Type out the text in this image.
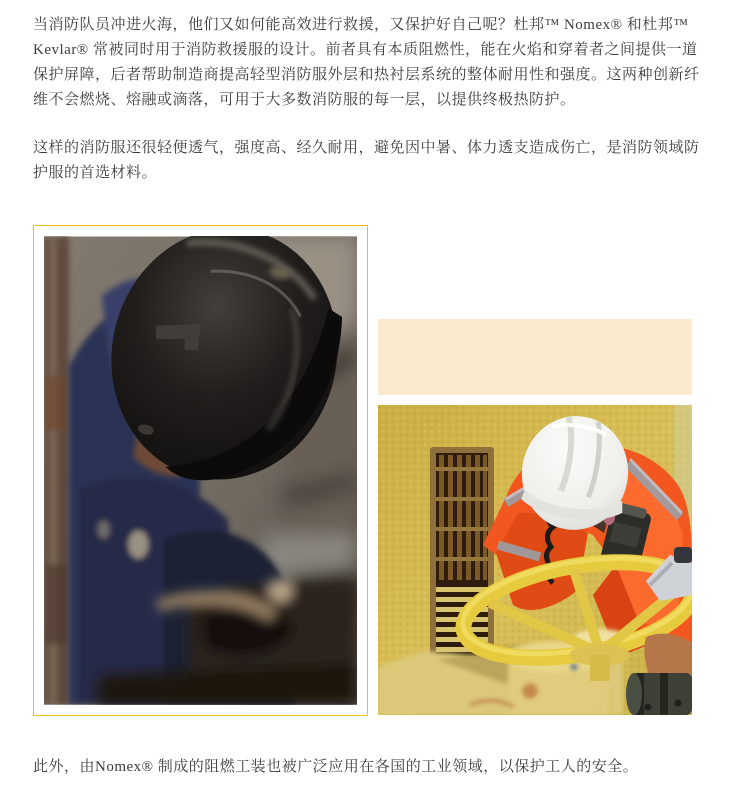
当消防队员冲进火海，他们又如何能高效进行救援，又保护好自己呢？杜邦™ Nomex® 和杜邦™ Kevlar® 常被同时用于消防救援服的设计。前者具有本质阻燃性，能在火焰和穿着者之间提供一道保护屏障，后者帮助制造商提高轻型消防服外层和热衬层系统的整体耐用性和强度。这两种创新纤维不会燃烧、熔融或滴落，可用于大多数消防服的每一层，以提供终极热防护。

这样的消防服还很轻便透气，强度高、经久耐用，避免因中暑、体力透支造成伤亡，是消防领域防护服的首选材料。

此外，由Nomex® 制成的阻燃工装也被广泛应用在各国的工业领域，以保护工人的安全。
